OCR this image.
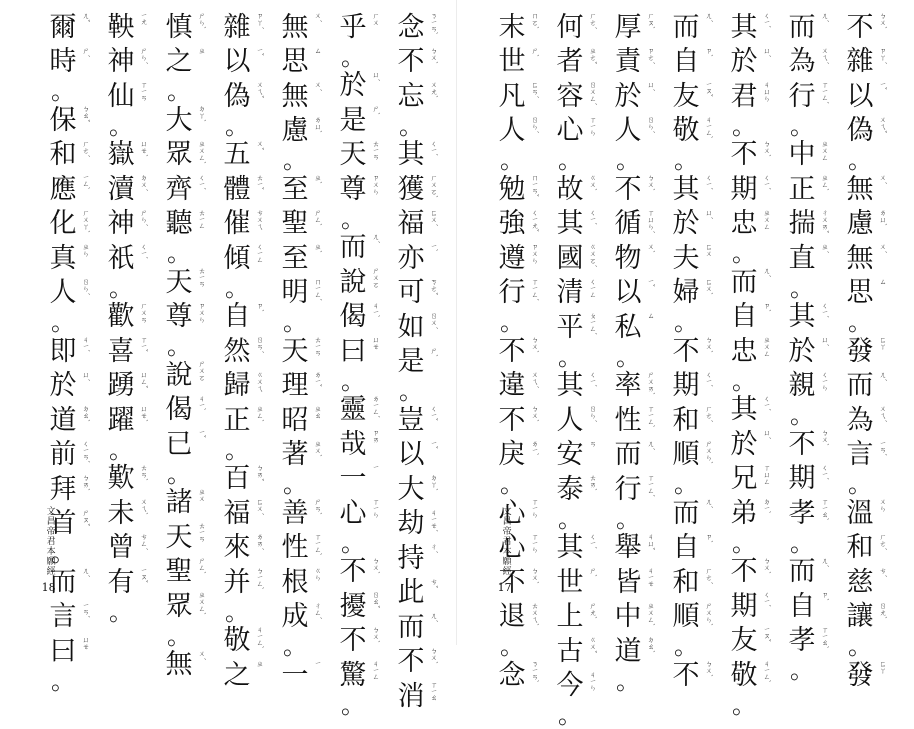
念 ㄋㄧㄢˋ
不 ㄅㄨˋ
忘 ㄨㄤˋ
。
其 ㄑㄧˊ
獲 ㄏㄨㄛˋ
福 ㄈㄨˊ
亦 ㄧˋ
可 ㄎㄜˇ
如 ㄖㄨˊ
是 ㄕˋ
。
豈 ㄑㄧˇ
以 ㄧˇ
大 ㄉㄚˋ
劫 ㄐㄧㄝˊ
持 ㄔˊ
此 ㄘˇ
而 ㄦˊ
不 ㄅㄨˋ
消 ㄒㄧㄠ
乎 ㄏㄨ
。
於 ㄩˊ
是 ㄕˋ
天 ㄊㄧㄢ
尊 ㄗㄨㄣ
。
而 ㄦˊ
說 ㄕㄨㄛ
偈 ㄐㄧˋ
曰 ㄩㄝ
。
靈 ㄌㄧㄥˊ
哉 ㄗㄞ
一 ㄧ
心 ㄒㄧㄣ
。
不 ㄅㄨˋ
擾 ㄖㄠˇ
不 ㄅㄨˋ
驚 ㄐㄧㄥ
。
無 ㄨˊ
思 ㄙ
無 ㄨˊ
慮 ㄌㄩˋ
。
至 ㄓˋ
聖 ㄕㄥˋ
至 ㄓˋ
明 ㄇㄧㄥˊ
。
天 ㄊㄧㄢ
理 ㄌㄧˇ
昭 ㄓㄠ
著 ㄓㄨˋ
。
善 ㄕㄢˋ
性 ㄒㄧㄥˋ
根 ㄍㄣ
成 ㄔㄥˊ
。
一 ㄧ
雜 ㄗㄚˊ
以 ㄧˇ
偽 ㄨㄟˇ
。
五 ㄨˇ
體 ㄊㄧˇ
催 ㄘㄨㄟ
傾 ㄑㄧㄥ
。
自 ㄗˋ
然 ㄖㄢˊ
歸 ㄍㄨㄟ
正 ㄓㄥˋ
。
百 ㄅㄞˇ
福 ㄈㄨˊ
來 ㄌㄞˊ
并 ㄅㄧㄥˋ
。
敬 ㄐㄧㄥˋ
之 ㄓ
慎 ㄕㄣˋ
之 ㄓ
。
大 ㄉㄚˋ
眾 ㄓㄨㄥˋ
齊 ㄑㄧˊ
聽 ㄊㄧㄥ
。
天 ㄊㄧㄢ
尊 ㄗㄨㄣ
。
說 ㄕㄨㄛ
偈 ㄐㄧˋ
已 ㄧˇ
。
諸 ㄓㄨ
天 ㄊㄧㄢ
聖 ㄕㄥˋ
眾 ㄓㄨㄥˋ
。
無 ㄨˊ
鞅 ㄧㄤ
神 ㄕㄣˊ
仙 ㄒㄧㄢ
。
嶽 ㄩㄝˋ
瀆 ㄉㄨˊ
神 ㄕㄣˊ
祇 ㄑㄧˊ
。
歡 ㄏㄨㄢ
喜 ㄒㄧˇ
踴 ㄩㄥˇ
躍 ㄩㄝˋ
。
歎 ㄊㄢˋ
未 ㄨㄟˋ
曾 ㄘㄥˊ
有 ㄧㄡˇ
。
爾 ㄦˇ
時 ㄕˊ
。
保 ㄅㄠˇ
和 ㄏㄜˊ
應 ㄧㄥˋ
化 ㄏㄨㄚˋ
真 ㄓㄣ
人 ㄖㄣˊ
。
即 ㄐㄧˊ
於 ㄩˊ
道 ㄉㄠˋ
前 ㄑㄧㄢˊ
拜 ㄅㄞˋ
首 ㄕㄡˇ
。
而 ㄦˊ
言 ㄧㄢˊ
曰 ㄩㄝ
。
文昌帝君本願經
18
不 ㄅㄨˋ
雜 ㄗㄚˊ
以 ㄧˇ
偽 ㄨㄟˇ
。
無 ㄨˊ
慮 ㄌㄩˋ
無 ㄨˊ
思 ㄙ
。
發 ㄈㄚ
而 ㄦˊ
為 ㄨㄟˊ
言 ㄧㄢˊ
。
溫 ㄨㄣ
和 ㄏㄜˊ
慈 ㄘˊ
讓 ㄖㄤˋ
。
發 ㄈㄚ
而 ㄦˊ
為 ㄨㄟˊ
行 ㄒㄧㄥˊ
。
中 ㄓㄨㄥ
正 ㄓㄥˋ
揣 ㄔㄨㄞˇ
直 ㄓˊ
。
其 ㄑㄧˊ
於 ㄩˊ
親 ㄑㄧㄣ
。
不 ㄅㄨˋ
期 ㄑㄧˊ
孝 ㄒㄧㄠˋ
。
而 ㄦˊ
自 ㄗˋ
孝 ㄒㄧㄠˋ
。
其 ㄑㄧˊ
於 ㄩˊ
君 ㄐㄩㄣ
。
不 ㄅㄨˋ
期 ㄑㄧˊ
忠 ㄓㄨㄥ
。
而 ㄦˊ
自 ㄗˋ
忠 ㄓㄨㄥ
。
其 ㄑㄧˊ
於 ㄩˊ
兄 ㄒㄩㄥ
弟 ㄉㄧˋ
。
不 ㄅㄨˋ
期 ㄑㄧˊ
友 ㄧㄡˇ
敬 ㄐㄧㄥˋ
。
而 ㄦˊ
自 ㄗˋ
友 ㄧㄡˇ
敬 ㄐㄧㄥˋ
。
其 ㄑㄧˊ
於 ㄩˊ
夫 ㄈㄨ
婦 ㄈㄨˋ
。
不 ㄅㄨˋ
期 ㄑㄧˊ
和 ㄏㄜˊ
順 ㄕㄨㄣˋ
。
而 ㄦˊ
自 ㄗˋ
和 ㄏㄜˊ
順 ㄕㄨㄣˋ
。
不 ㄅㄨˋ
厚 ㄏㄡˋ
責 ㄗㄜˊ
於 ㄩˊ
人 ㄖㄣˊ
。
不 ㄅㄨˋ
循 ㄒㄩㄣˊ
物 ㄨˋ
以 ㄧˇ
私 ㄙ
。
率 ㄕㄨㄞˋ
性 ㄒㄧㄥˋ
而 ㄦˊ
行 ㄒㄧㄥˊ
。
舉 ㄐㄩˇ
皆 ㄐㄧㄝ
中 ㄓㄨㄥˋ
道 ㄉㄠˋ
。
何 ㄏㄜˊ
者 ㄓㄜˇ
容 ㄖㄨㄥˊ
心 ㄒㄧㄣ
。
故 ㄍㄨˋ
其 ㄑㄧˊ
國 ㄍㄨㄛˊ
清 ㄑㄧㄥ
平 ㄆㄧㄥˊ
。
其 ㄑㄧˊ
人 ㄖㄣˊ
安 ㄢ
泰 ㄊㄞˋ
。
其 ㄑㄧˊ
世 ㄕˋ
上 ㄕㄤˋ
古 ㄍㄨˇ
今 ㄐㄧㄣ
。
末 ㄇㄛˋ
世 ㄕˋ
凡 ㄈㄢˊ
人 ㄖㄣˊ
。
勉 ㄇㄧㄢˇ
強 ㄑㄧㄤˇ
遵 ㄗㄨㄣ
行 ㄒㄧㄥˊ
。
不 ㄅㄨˋ
違 ㄨㄟˊ
不 ㄅㄨˋ
戾 ㄌㄧˋ
。
心 ㄒㄧㄣ
心 ㄒㄧㄣ
不 ㄅㄨˋ
退 ㄊㄨㄟˋ
。
念 ㄋㄧㄢˋ
文昌帝君本願經
17
